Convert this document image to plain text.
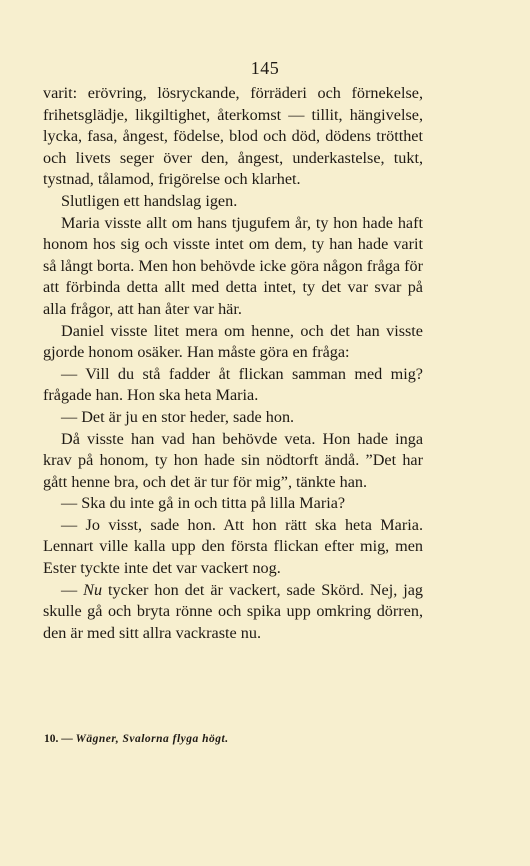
145

varit: erövring, lösryckande, förräderi och förnekelse, frihetsglädje, likgiltighet, återkomst — tillit, hängivelse, lycka, fasa, ångest, födelse, blod och död, dödens trötthet och livets seger över den, ångest, underkastelse, tukt, tystnad, tålamod, frigörelse och klarhet.

Slutligen ett handslag igen.

Maria visste allt om hans tjugufem år, ty hon hade haft honom hos sig och visste intet om dem, ty han hade varit så långt borta. Men hon behövde icke göra någon fråga för att förbinda detta allt med detta intet, ty det var svar på alla frågor, att han åter var här.

Daniel visste litet mera om henne, och det han visste gjorde honom osäker. Han måste göra en fråga:

— Vill du stå fadder åt flickan samman med mig? frågade han. Hon ska heta Maria.

— Det är ju en stor heder, sade hon.

Då visste han vad han behövde veta. Hon hade inga krav på honom, ty hon hade sin nödtorft ändå. ”Det har gått henne bra, och det är tur för mig”, tänkte han.

— Ska du inte gå in och titta på lilla Maria?

— Jo visst, sade hon. Att hon rätt ska heta Maria. Lennart ville kalla upp den första flickan efter mig, men Ester tyckte inte det var vackert nog.

— Nu tycker hon det är vackert, sade Skörd. Nej, jag skulle gå och bryta rönne och spika upp omkring dörren, den är med sitt allra vackraste nu.

10. — Wägner, Svalorna flyga högt.
